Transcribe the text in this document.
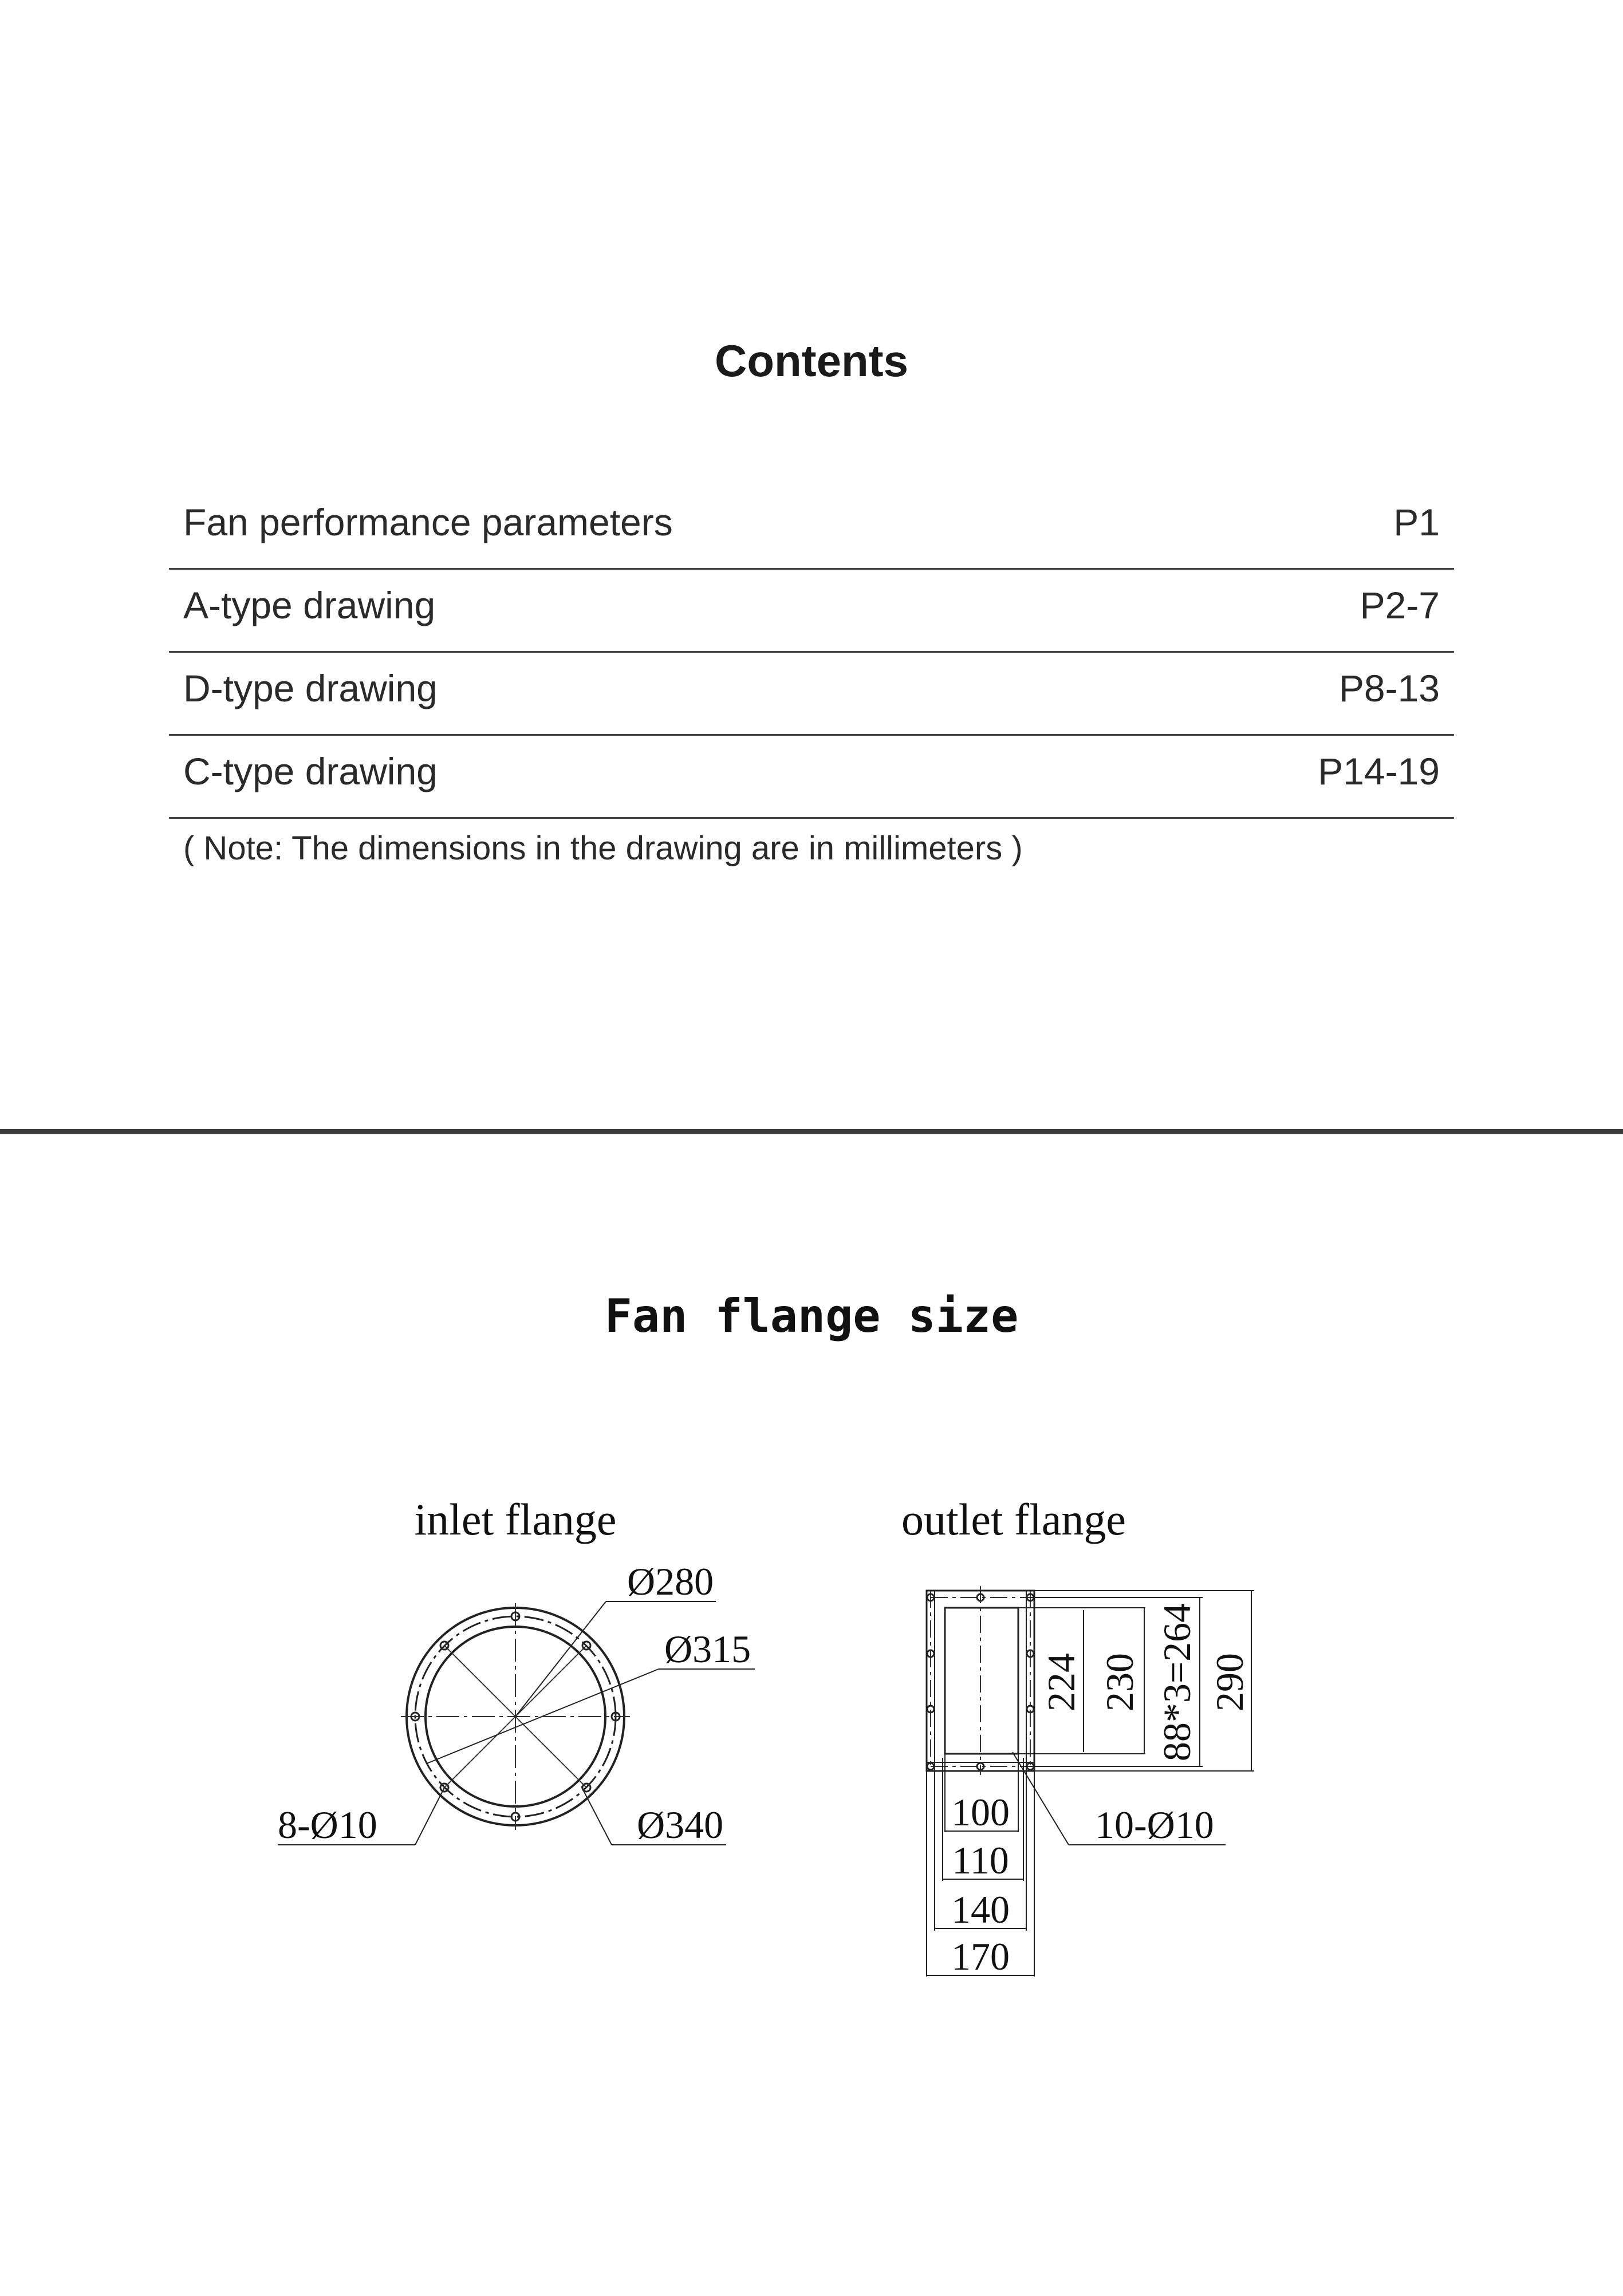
Contents
Fan performance parameters	P1
A-type drawing	P2-7
D-type drawing	P8-13
C-type drawing	P14-19
( Note: The dimensions in the drawing are in millimeters )
Fan flange size
inlet flange
Ø280
Ø315
Ø340
8-Ø10
outlet flange
224 230 88*3=264 290
10-Ø10
100
110
140
170
